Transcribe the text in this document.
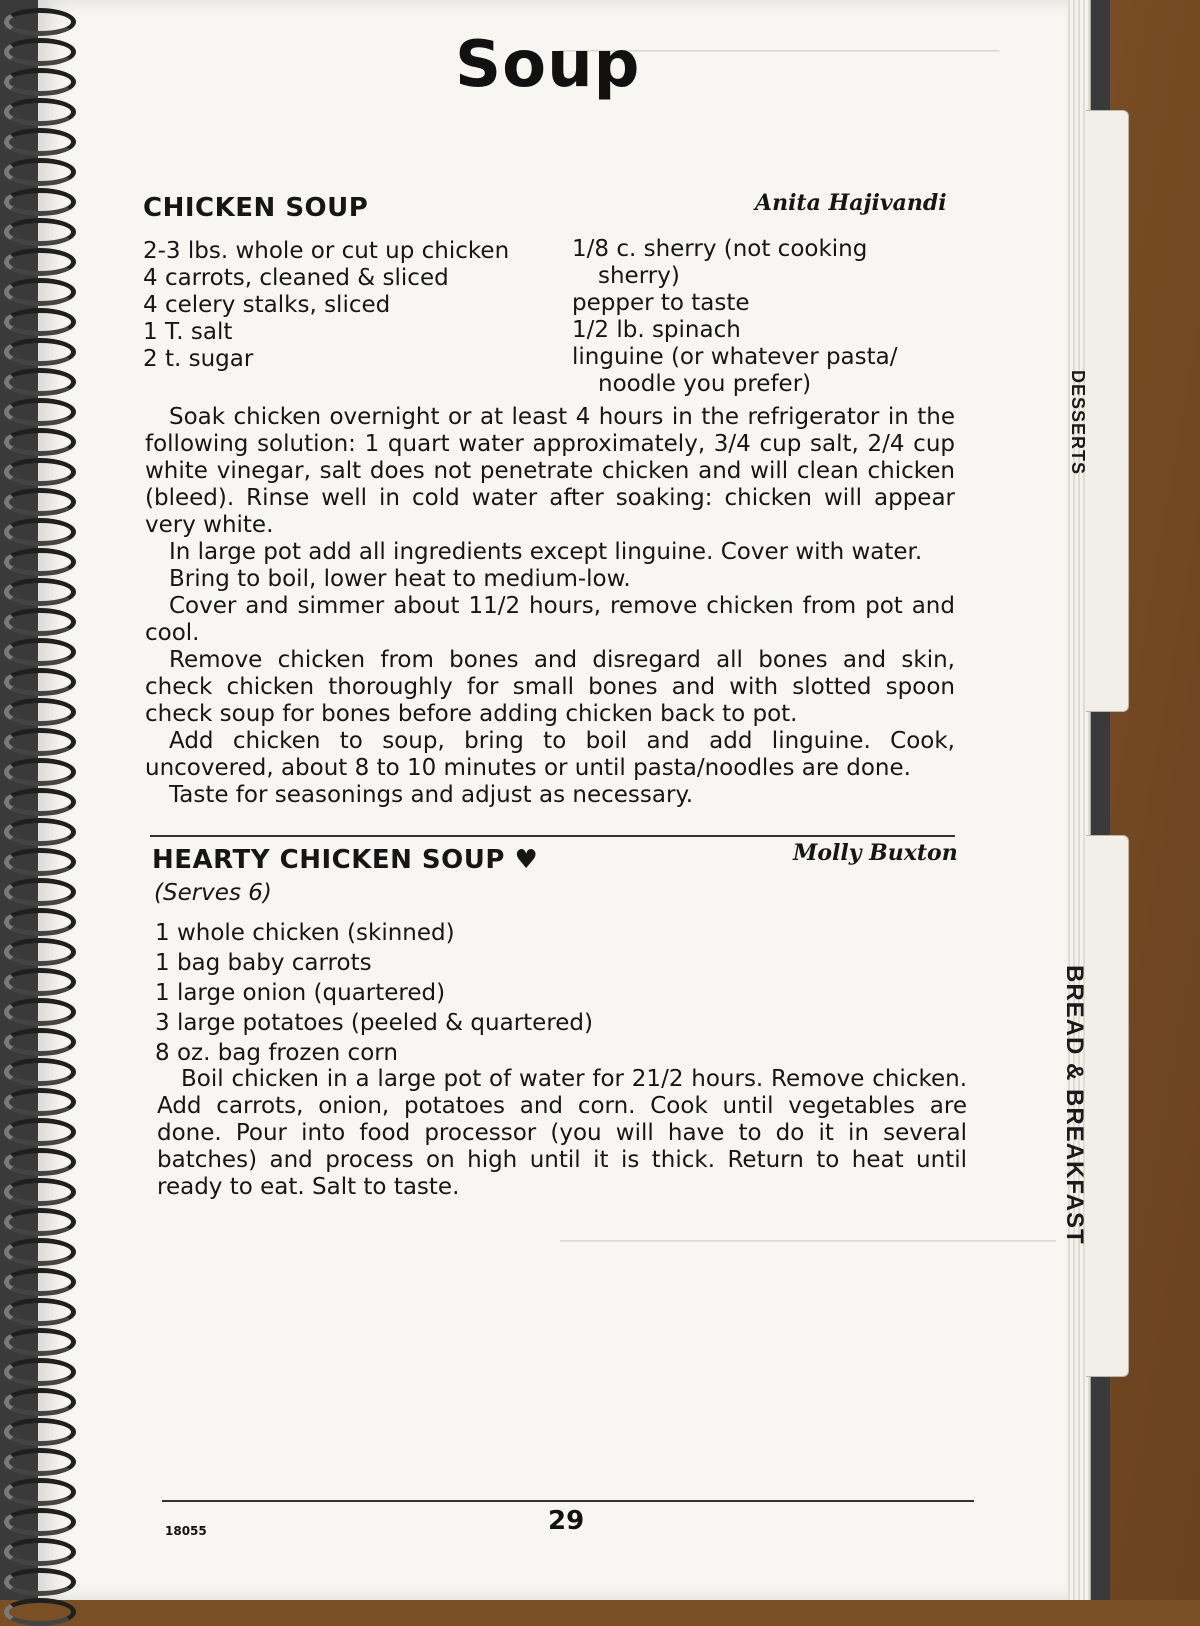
───────────────────────────────
───────────────────────────────────
DESSERTS
BREAD & BREAKFAST
Soup
CHICKEN SOUP	Anita Hajivandi
2-3 lbs. whole or cut up chicken
4 carrots, cleaned & sliced
4 celery stalks, sliced
1 T. salt
2 t. sugar
1/8 c. sherry (not cooking
sherry)
pepper to taste
1/2 lb. spinach
linguine (or whatever pasta/
noodle you prefer)
Soak chicken overnight or at least 4 hours in the refrigerator in the following solution: 1 quart water approximately, 3/4 cup salt, 2/4 cup white vinegar, salt does not penetrate chicken and will clean chicken (bleed). Rinse well in cold water after soaking: chicken will appear very white.
In large pot add all ingredients except linguine. Cover with water.
Bring to boil, lower heat to medium-low.
Cover and simmer about 11/2 hours, remove chicken from pot and cool.
Remove chicken from bones and disregard all bones and skin, check chicken thoroughly for small bones and with slotted spoon check soup for bones before adding chicken back to pot.
Add chicken to soup, bring to boil and add linguine. Cook, uncovered, about 8 to 10 minutes or until pasta/noodles are done.
Taste for seasonings and adjust as necessary.
HEARTY CHICKEN SOUP ♥	Molly Buxton
(Serves 6)
1 whole chicken (skinned)
1 bag baby carrots
1 large onion (quartered)
3 large potatoes (peeled & quartered)
8 oz. bag frozen corn
Boil chicken in a large pot of water for 21/2 hours. Remove chicken. Add carrots, onion, potatoes and corn. Cook until vegetables are done. Pour into food processor (you will have to do it in several batches) and process on high until it is thick. Return to heat until ready to eat. Salt to taste.
29
18055
